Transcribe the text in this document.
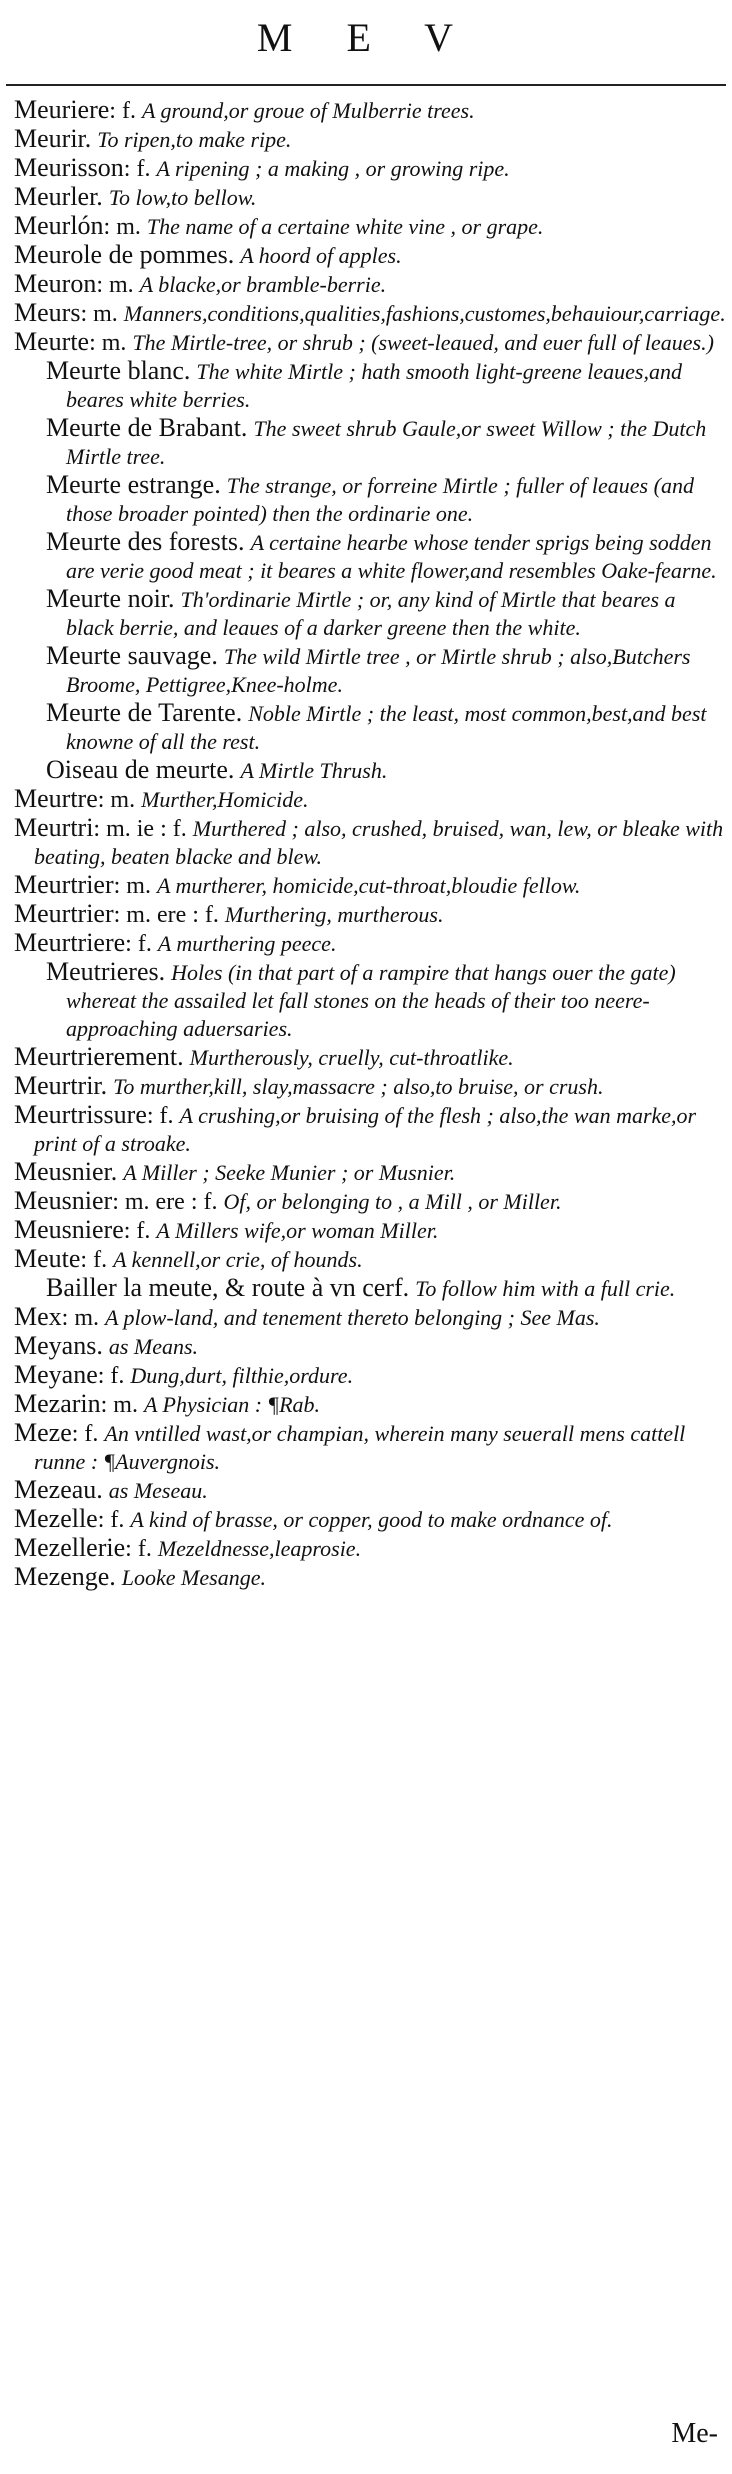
M E V

Meuriere: f. A ground,or groue of Mulberrie trees.

Meurir. To ripen,to make ripe.

Meurisson: f. A ripening ; a making , or growing ripe.

Meurler. To low,to bellow.

Meurlón: m. The name of a certaine white vine , or grape.

Meurole de pommes. A hoord of apples.

Meuron: m. A blacke,or bramble-berrie.

Meurs: m. Manners,conditions,qualities,fashions,customes,behauiour,carriage.

Meurte: m. The Mirtle-tree, or shrub ; (sweet-leaued, and euer full of leaues.)

Meurte blanc. The white Mirtle ; hath smooth light-greene leaues,and beares white berries.

Meurte de Brabant. The sweet shrub Gaule,or sweet Willow ; the Dutch Mirtle tree.

Meurte estrange. The strange, or forreine Mirtle ; fuller of leaues (and those broader pointed) then the ordinarie one.

Meurte des forests. A certaine hearbe whose tender sprigs being sodden are verie good meat ; it beares a white flower,and resembles Oake-fearne.

Meurte noir. Th'ordinarie Mirtle ; or, any kind of Mirtle that beares a black berrie, and leaues of a darker greene then the white.

Meurte sauvage. The wild Mirtle tree , or Mirtle shrub ; also,Butchers Broome, Pettigree,Knee-holme.

Meurte de Tarente. Noble Mirtle ; the least, most common,best,and best knowne of all the rest.

Oiseau de meurte. A Mirtle Thrush.

Meurtre: m. Murther,Homicide.

Meurtri: m. ie : f. Murthered ; also, crushed, bruised, wan, lew, or bleake with beating, beaten blacke and blew.

Meurtrier: m. A murtherer, homicide,cut-throat,bloudie fellow.

Meurtrier: m. ere : f. Murthering, murtherous.

Meurtriere: f. A murthering peece.

Meutrieres. Holes (in that part of a rampire that hangs ouer the gate) whereat the assailed let fall stones on the heads of their too neere-approaching aduersaries.

Meurtrierement. Murtherously, cruelly, cut-throatlike.

Meurtrir. To murther,kill, slay,massacre ; also,to bruise, or crush.

Meurtrissure: f. A crushing,or bruising of the flesh ; also,the wan marke,or print of a stroake.

Meusnier. A Miller ; Seeke Munier ; or Musnier.

Meusnier: m. ere : f. Of, or belonging to , a Mill , or Miller.

Meusniere: f. A Millers wife,or woman Miller.

Meute: f. A kennell,or crie, of hounds.

Bailler la meute, & route à vn cerf. To follow him with a full crie.

Mex: m. A plow-land, and tenement thereto belonging ; See Mas.

Meyans. as Means.

Meyane: f. Dung,durt, filthie,ordure.

Mezarin: m. A Physician : ¶Rab.

Meze: f. An vntilled wast,or champian, wherein many seuerall mens cattell runne : ¶Auvergnois.

Mezeau. as Meseau.

Mezelle: f. A kind of brasse, or copper, good to make ordnance of.

Mezellerie: f. Mezeldnesse,leaprosie.

Mezenge. Looke Mesange.

Me-
